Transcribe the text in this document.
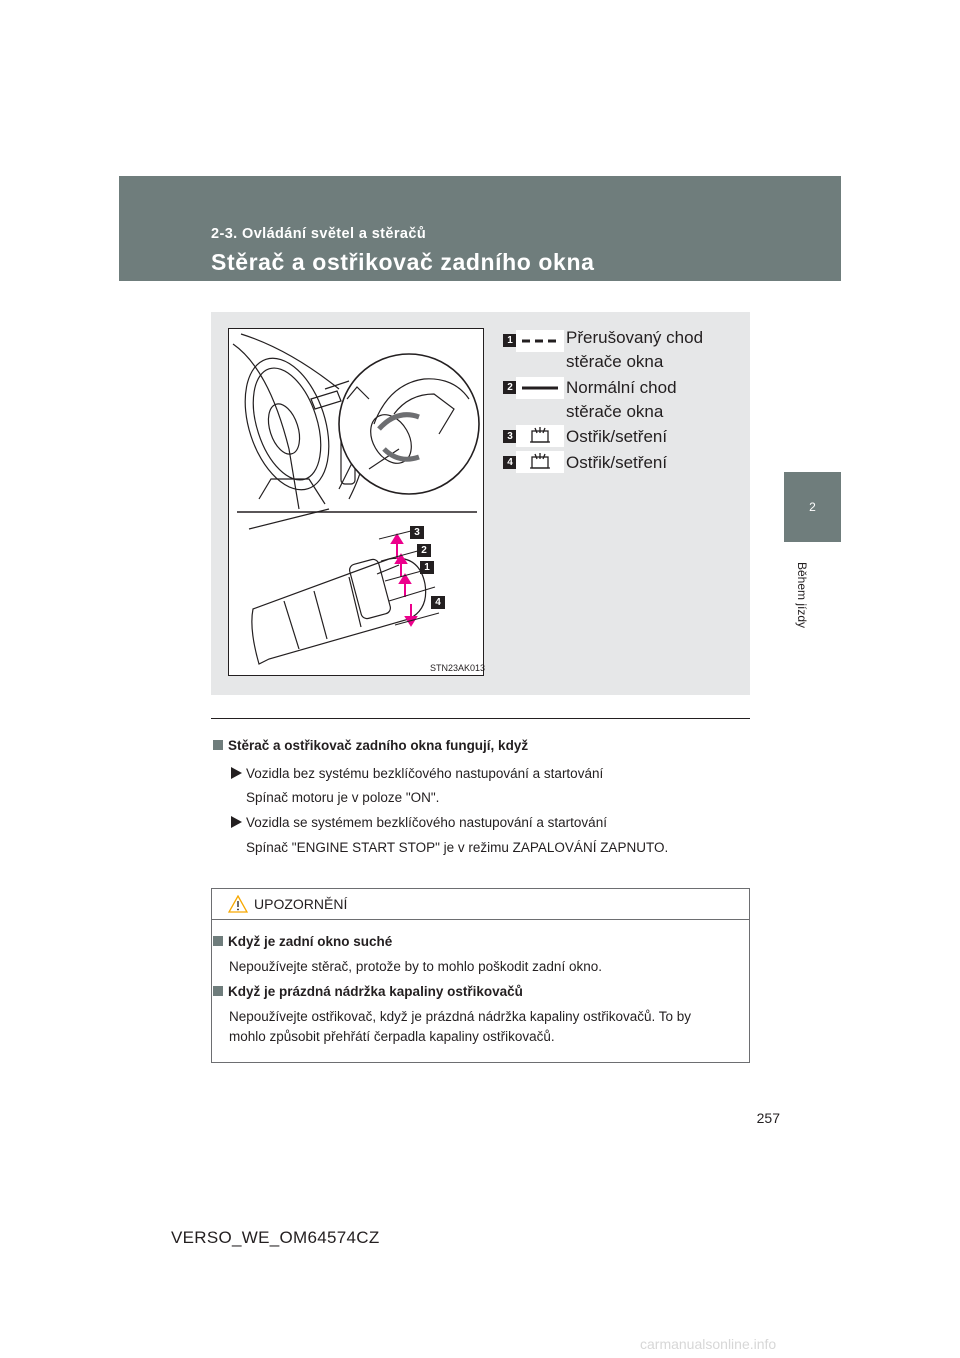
2-3. Ovládání světel a stěračů
Stěrač a ostřikovač zadního okna
2
Během jízdy
3
2
1
4
STN23AK013
1	Přerušovaný chod
stěrače okna
2	Normální chod
stěrače okna
3	Ostřik/setření
4	Ostřik/setření
Stěrač a ostřikovač zadního okna fungují, když
Vozidla bez systému bezklíčového nastupování a startování
Spínač motoru je v poloze "ON".
Vozidla se systémem bezklíčového nastupování a startování
Spínač "ENGINE START STOP" je v režimu ZAPALOVÁNÍ ZAPNUTO.
UPOZORNĚNÍ
Když je zadní okno suché
Nepoužívejte stěrač, protože by to mohlo poškodit zadní okno.
Když je prázdná nádržka kapaliny ostřikovačů
Nepoužívejte ostřikovač, když je prázdná nádržka kapaliny ostřikovačů. To by
mohlo způsobit přehřátí čerpadla kapaliny ostřikovačů.
257
VERSO_WE_OM64574CZ
carmanualsonline.info
